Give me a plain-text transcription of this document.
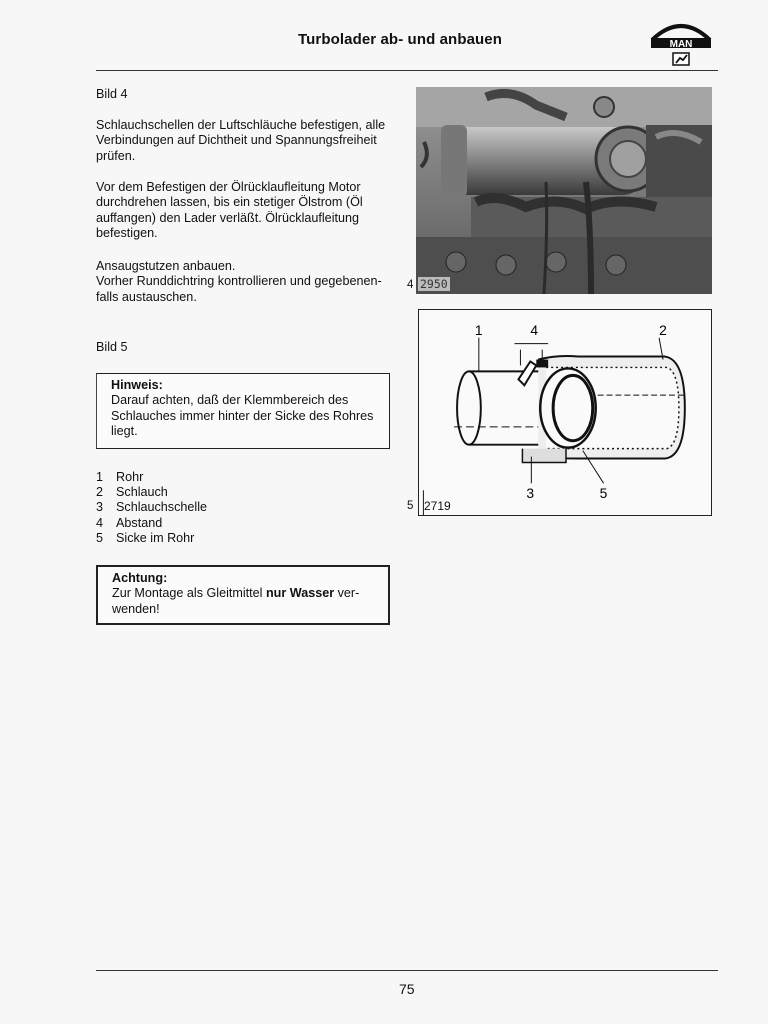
Turbolader ab- und anbauen	MAN
Bild 4
Schlauchschellen der Luftschläuche befestigen, alle Verbindungen auf Dichtheit und Spannungsfreiheit prüfen.
Vor dem Befestigen der Ölrücklaufleitung Motor durchdrehen lassen, bis ein stetiger Ölstrom (Öl auffangen) den Lader verläßt. Ölrücklaufleitung befestigen.
Ansaugstutzen anbauen.
Vorher Runddichtring kontrollieren und gegebenenfalls austauschen.
Bild 5
Hinweis:
Darauf achten, daß der Klemmbereich des Schlauches immer hinter der Sicke des Rohres liegt.
1 Rohr
2 Schlauch
3 Schlauchschelle
4 Abstand
5 Sicke im Rohr
Achtung:
Zur Montage als Gleitmittel nur Wasser verwenden!
4 2950
1	4	2
3	5
5 2719
75
